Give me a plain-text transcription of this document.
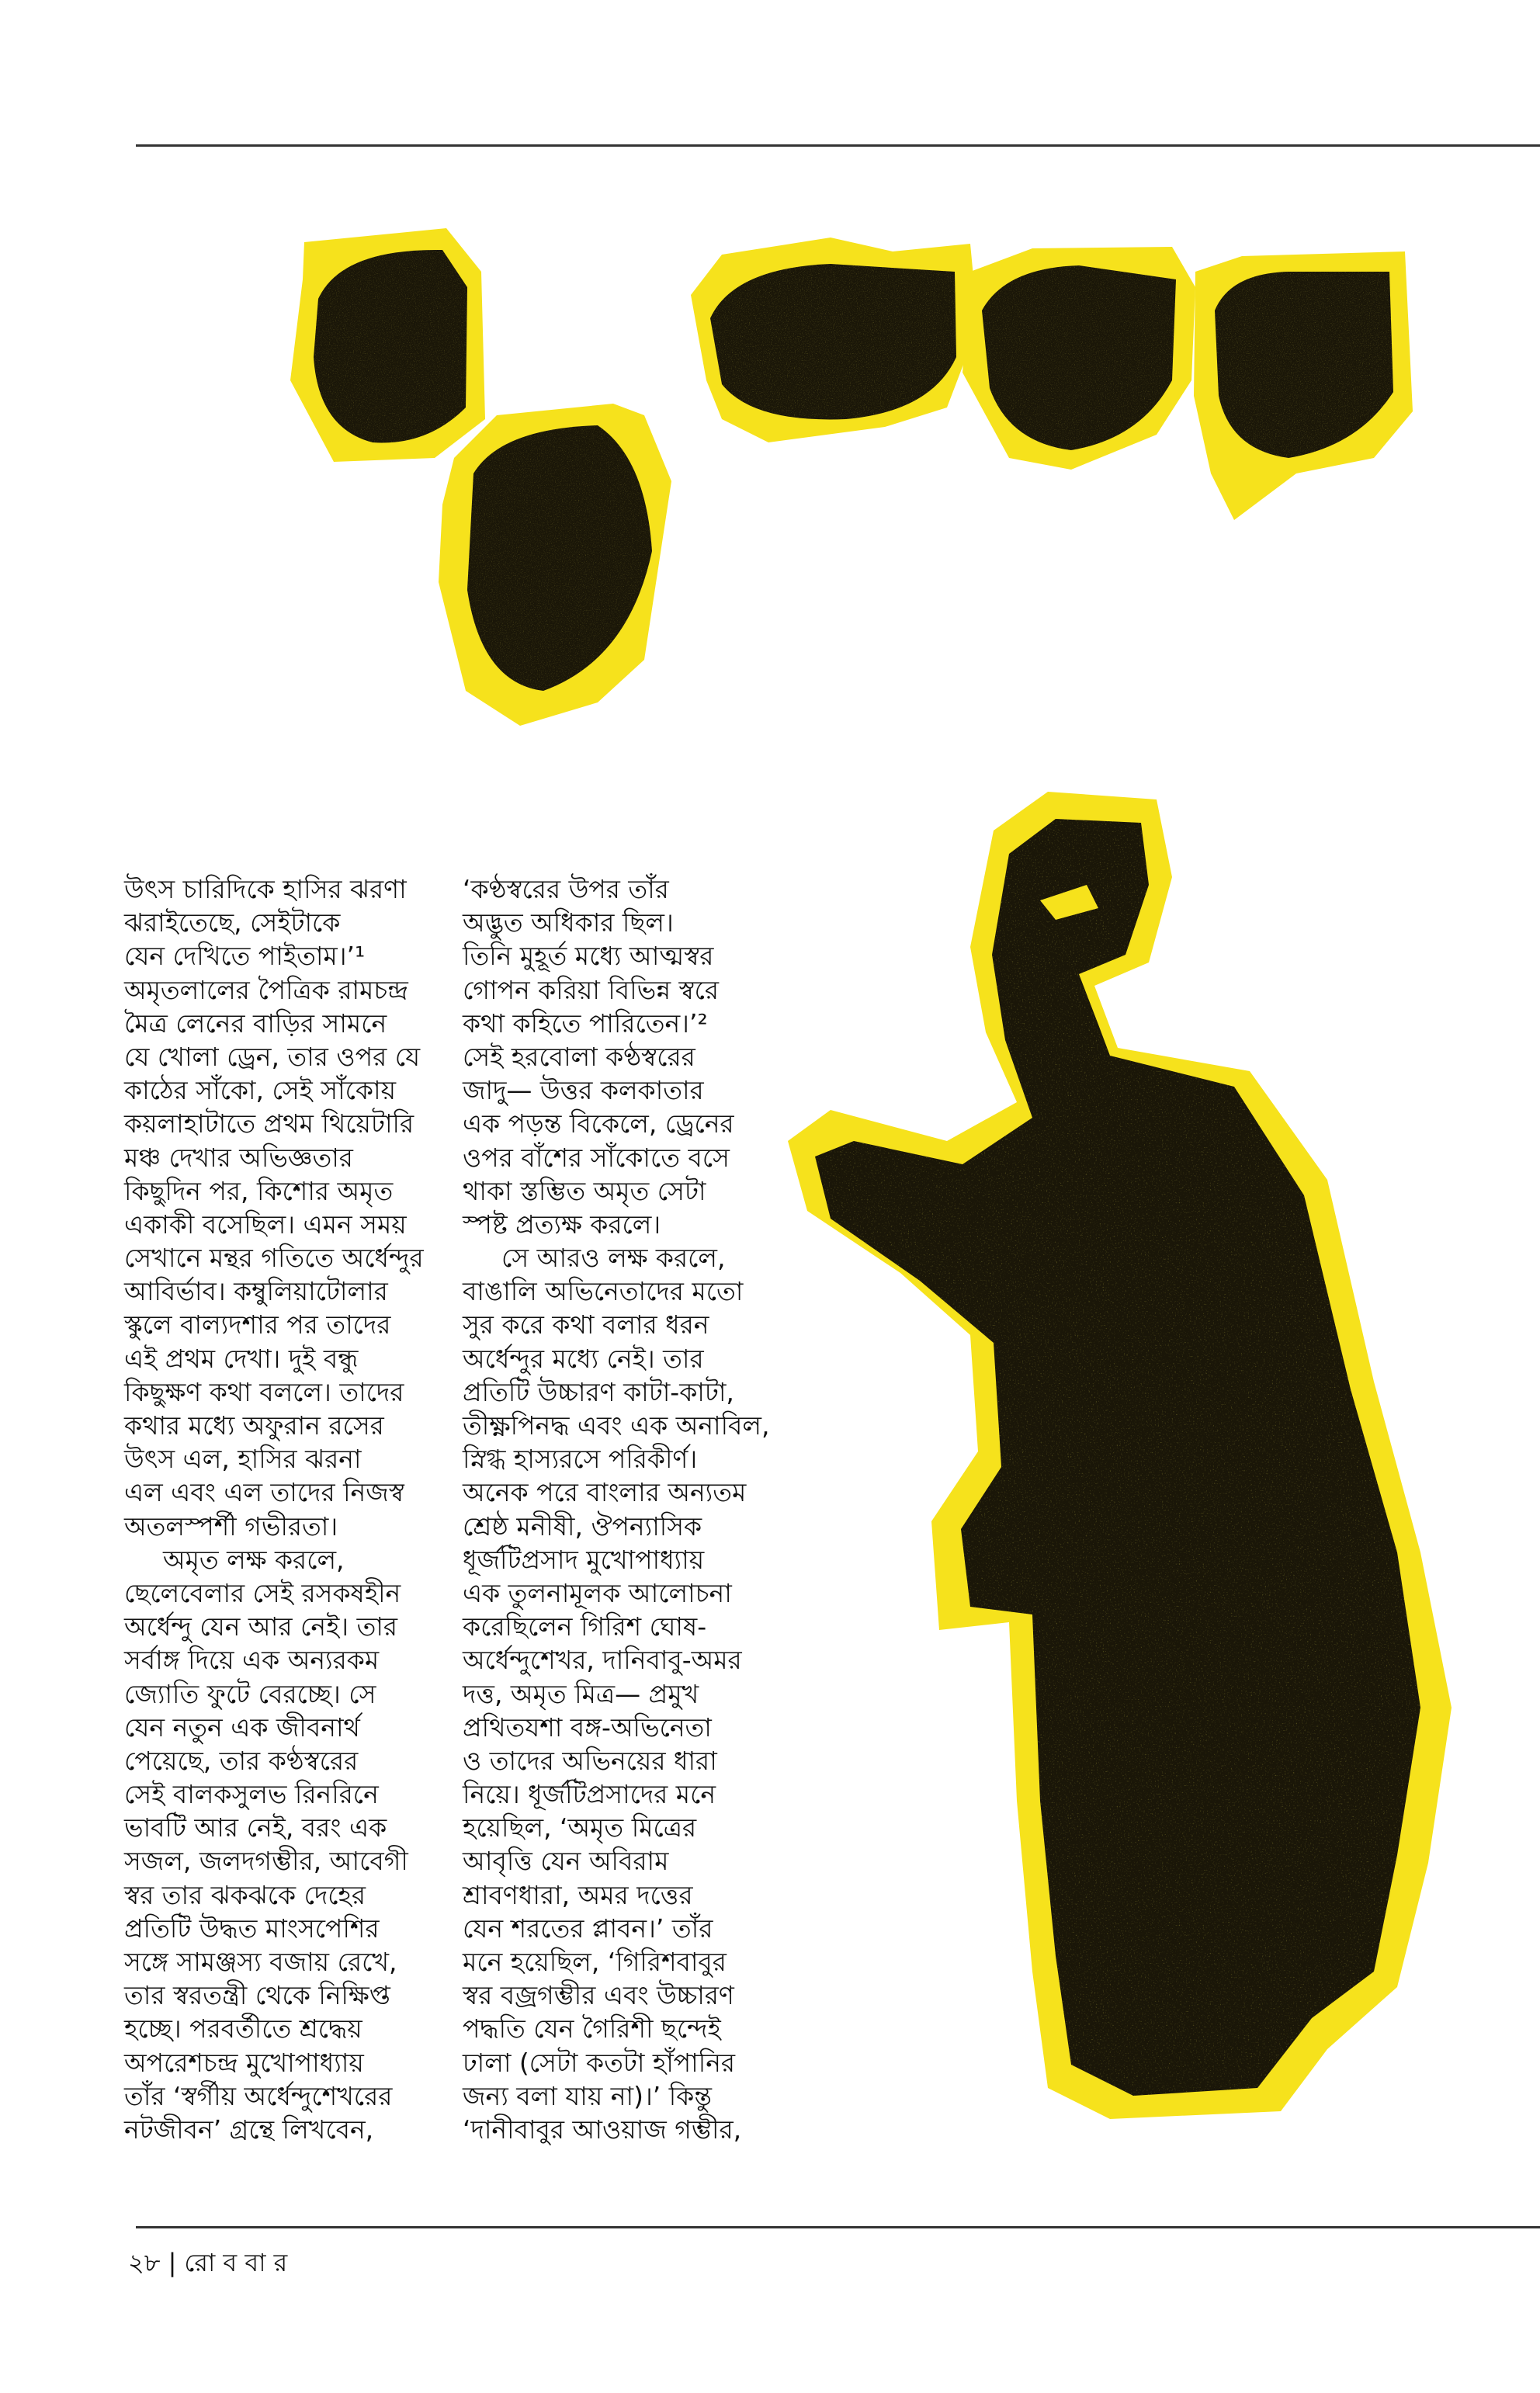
উৎস চারিদিকে হাসির ঝরণা
ঝরাইতেছে, সেইটাকে
যেন দেখিতে পাইতাম।’¹
অমৃতলালের পৈত্রিক রামচন্দ্র
মৈত্র লেনের বাড়ির সামনে
যে খোলা ড্রেন, তার ওপর যে
কাঠের সাঁকো, সেই সাঁকোয়
কয়লাহাটাতে প্রথম থিয়েটারি
মঞ্চ দেখার অভিজ্ঞতার
কিছুদিন পর, কিশোর অমৃত
একাকী বসেছিল। এমন সময়
সেখানে মন্থর গতিতে অর্ধেন্দুর
আবির্ভাব। কম্বুলিয়াটোলার
স্কুলে বাল্যদশার পর তাদের
এই প্রথম দেখা। দুই বন্ধু
কিছুক্ষণ কথা বললে। তাদের
কথার মধ্যে অফুরান রসের
উৎস এল, হাসির ঝরনা
এল এবং এল তাদের নিজস্ব
অতলস্পর্শী গভীরতা।
অমৃত লক্ষ করলে,
ছেলেবেলার সেই রসকষহীন
অর্ধেন্দু যেন আর নেই। তার
সর্বাঙ্গ দিয়ে এক অন্যরকম
জ্যোতি ফুটে বেরচ্ছে। সে
যেন নতুন এক জীবনার্থ
পেয়েছে, তার কণ্ঠস্বরের
সেই বালকসুলভ রিনরিনে
ভাবটি আর নেই, বরং এক
সজল, জলদগম্ভীর, আবেগী
স্বর তার ঝকঝকে দেহের
প্রতিটি উদ্ধত মাংসপেশির
সঙ্গে সামঞ্জস্য বজায় রেখে,
তার স্বরতন্ত্রী থেকে নিক্ষিপ্ত
হচ্ছে। পরবর্তীতে শ্রদ্ধেয়
অপরেশচন্দ্র মুখোপাধ্যায়
তাঁর ‘স্বর্গীয় অর্ধেন্দুশেখরের
নটজীবন’ গ্রন্থে লিখবেন,
‘কণ্ঠস্বরের উপর তাঁর
অদ্ভুত অধিকার ছিল।
তিনি মুহূর্ত মধ্যে আত্মস্বর
গোপন করিয়া বিভিন্ন স্বরে
কথা কহিতে পারিতেন।’²
সেই হরবোলা কণ্ঠস্বরের
জাদু— উত্তর কলকাতার
এক পড়ন্ত বিকেলে, ড্রেনের
ওপর বাঁশের সাঁকোতে বসে
থাকা স্তম্ভিত অমৃত সেটা
স্পষ্ট প্রত্যক্ষ করলে।
সে আরও লক্ষ করলে,
বাঙালি অভিনেতাদের মতো
সুর করে কথা বলার ধরন
অর্ধেন্দুর মধ্যে নেই। তার
প্রতিটি উচ্চারণ কাটা-কাটা,
তীক্ষ্ণপিনদ্ধ এবং এক অনাবিল,
স্নিগ্ধ হাস্যরসে পরিকীর্ণ।
অনেক পরে বাংলার অন্যতম
শ্রেষ্ঠ মনীষী, ঔপন্যাসিক
ধূর্জটিপ্রসাদ মুখোপাধ্যায়
এক তুলনামূলক আলোচনা
করেছিলেন গিরিশ ঘোষ-
অর্ধেন্দুশেখর, দানিবাবু-অমর
দত্ত, অমৃত মিত্র— প্রমুখ
প্রথিতযশা বঙ্গ-অভিনেতা
ও তাদের অভিনয়ের ধারা
নিয়ে। ধূর্জটিপ্রসাদের মনে
হয়েছিল, ‘অমৃত মিত্রের
আবৃত্তি যেন অবিরাম
শ্রাবণধারা, অমর দত্তের
যেন শরতের প্লাবন।’ তাঁর
মনে হয়েছিল, ‘গিরিশবাবুর
স্বর বজ্রগম্ভীর এবং উচ্চারণ
পদ্ধতি যেন গৈরিশী ছন্দেই
ঢালা (সেটা কতটা হাঁপানির
জন্য বলা যায় না)।’ কিন্তু
‘দানীবাবুর আওয়াজ গম্ভীর,
২৮ | রো ব বা র
